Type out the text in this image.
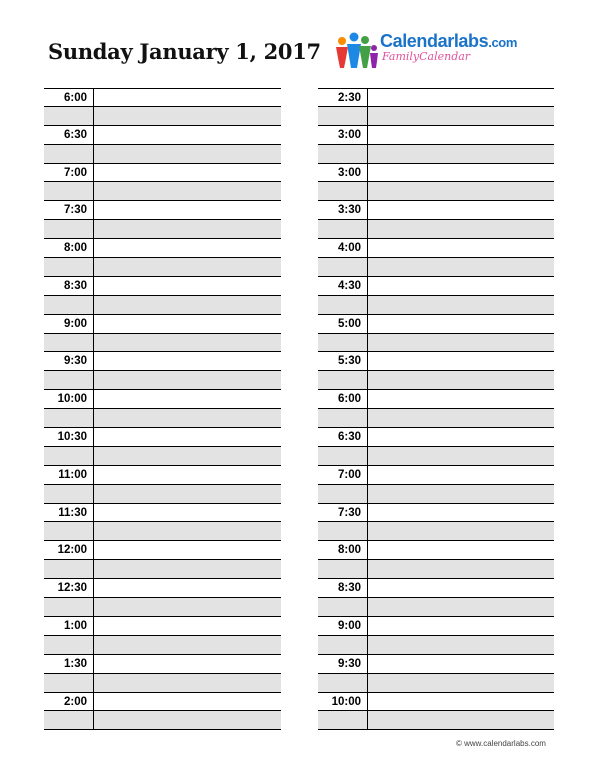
Sunday January 1, 2017	Calendarlabs.com
FamilyCalendar
6:00
6:30
7:00
7:30
8:00
8:30
9:00
9:30
10:00
10:30
11:00
11:30
12:00
12:30
1:00
1:30
2:00
2:30
3:00
3:00
3:30
4:00
4:30
5:00
5:30
6:00
6:30
7:00
7:30
8:00
8:30
9:00
9:30
10:00
© www.calendarlabs.com
